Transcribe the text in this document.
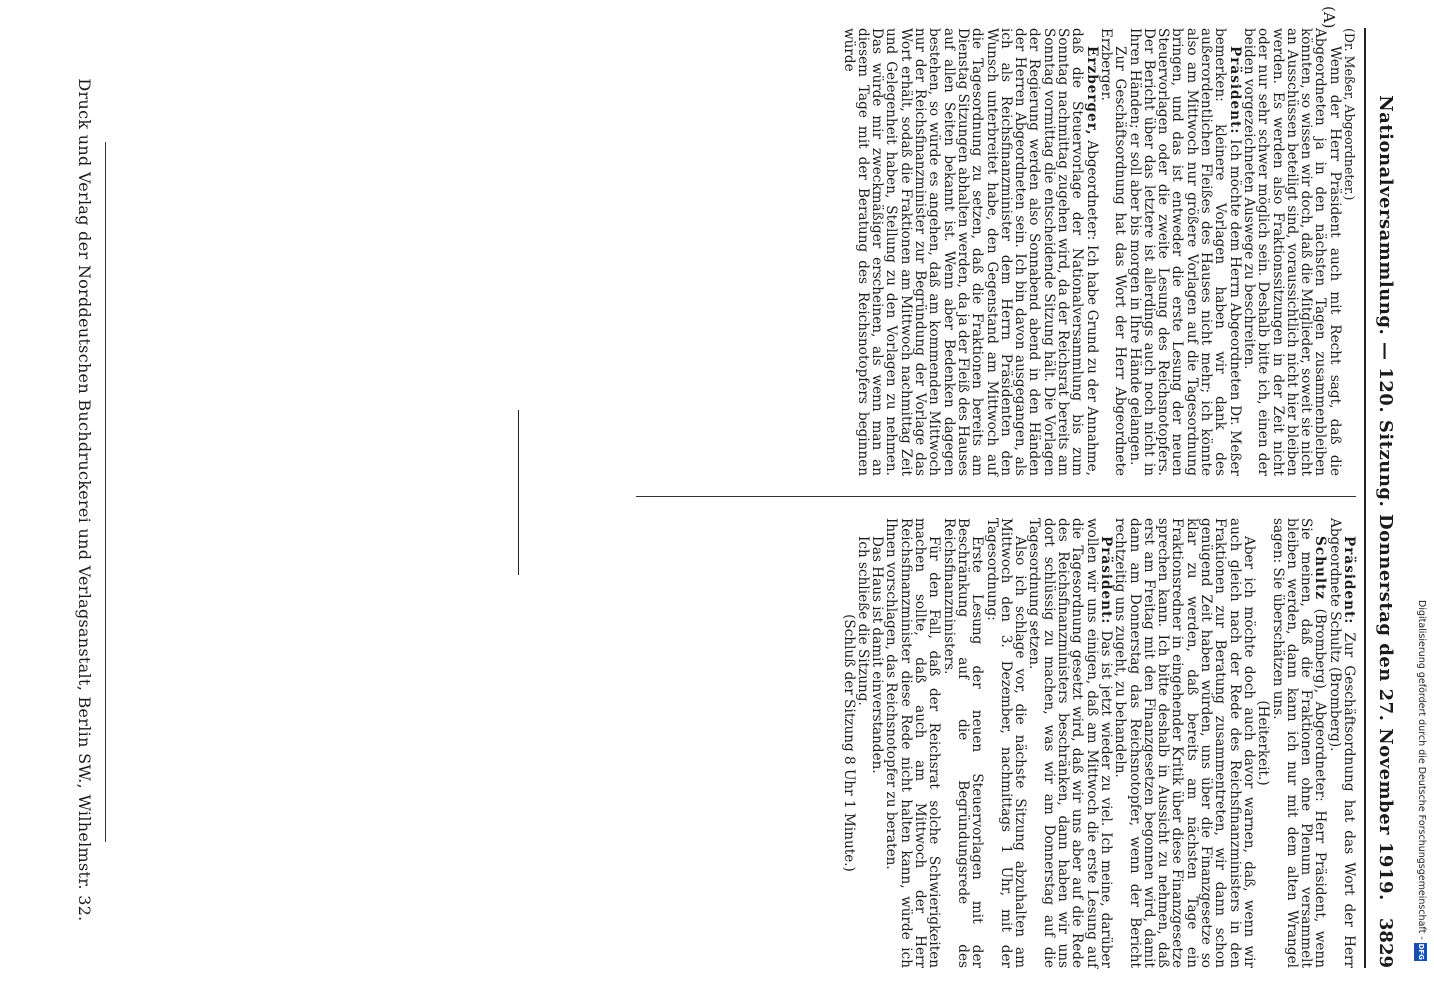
Nationalversammlung. — 120. Sitzung. Donnerstag den 27. November 1919.
3829
(A)

(Dr. Meßer, Abgeordneter.)

Wenn der Herr Präsident auch mit Recht sagt, daß die Abgeordneten ja in den nächsten Tagen zusammenbleiben könnten, so wissen wir doch, daß die Mitglieder, soweit sie nicht an Ausschüssen beteiligt sind, voraussichtlich nicht hier bleiben werden. Es werden also Fraktionssitzungen in der Zeit nicht oder nur sehr schwer möglich sein. Deshalb bitte ich, einen der beiden vorgezeichneten Auswege zu beschreiten.

Präsident: Ich möchte dem Herrn Abgeordneten Dr. Meßer bemerken: kleinere Vorlagen haben wir dank des außerordentlichen Fleißes des Hauses nicht mehr; ich könnte also am Mittwoch nur größere Vorlagen auf die Tagesordnung bringen, und das ist entweder die erste Lesung der neuen Steuervorlagen oder die zweite Lesung des Reichsnotopfers. Der Bericht über das letztere ist allerdings auch noch nicht in Ihren Händen; er soll aber bis morgen in Ihre Hände gelangen.

Zur Geschäftsordnung hat das Wort der Herr Abgeordnete Erzberger.

Erzberger, Abgeordneter: Ich habe Grund zu der Annahme, daß die Steuervorlage der Nationalversammlung bis zum Sonntag nachmittag zugehen wird, da der Reichsrat bereits am Sonntag vormittag die entscheidende Sitzung hält. Die Vorlagen der Regierung werden also Sonnabend abend in den Händen der Herren Abgeordneten sein. Ich bin davon ausgegangen, als ich als Reichsfinanzminister dem Herrn Präsidenten den Wunsch unterbreitet habe, den Gegenstand am Mittwoch auf die Tagesordnung zu setzen, daß die Fraktionen bereits am Dienstag Sitzungen abhalten werden, da ja der Fleiß des Hauses auf allen Seiten bekannt ist. Wenn aber Bedenken dagegen bestehen, so würde es angehen, daß am kommenden Mittwoch nur der Reichsfinanzminister zur Begründung der Vorlage das Wort erhält, sodaß die Fraktionen am Mittwoch nachmittag Zeit und Gelegenheit haben, Stellung zu den Vorlagen zu nehmen. Das würde mir zweckmäßiger erscheinen, als wenn man an diesem Tage mit der Beratung des Reichsnotopfers beginnen würde

Präsident: Zur Geschäftsordnung hat das Wort der Herr Abgeordnete Schultz (Bromberg).

Schultz (Bromberg), Abgeordneter: Herr Präsident, wenn Sie meinen, daß die Fraktionen ohne Plenum versammelt bleiben werden, dann kann ich nur mit dem alten Wrangel sagen: Sie überschätzen uns.

(Heiterkeit.)

Aber ich möchte doch auch davor warnen, daß, wenn wir auch gleich nach der Rede des Reichsfinanzministers in den Fraktionen zur Beratung zusammentreten, wir dann schon genügend Zeit haben würden, uns über die Finanzgesetze so klar zu werden, daß bereits am nächsten Tage ein Fraktionsredner in eingehender Kritik über diese Finanzgesetze sprechen kann. Ich bitte deshalb in Aussicht zu nehmen, daß erst am Freitag mit den Finanzgesetzen begonnen wird, damit dann am Donnerstag das Reichsnotopfer, wenn der Bericht rechtzeitig uns zugeht, zu behandeln.

Präsident: Das ist jetzt wieder zu viel. Ich meine, darüber wollen wir uns einigen, daß am Mittwoch die erste Lesung auf die Tagesordnung gesetzt wird, daß wir uns aber auf die Rede des Reichsfinanzministers beschränken, dann haben wir uns dort schlüssig zu machen, was wir am Donnerstag auf die Tagesordnung setzen.

Also ich schlage vor, die nächste Sitzung abzuhalten am Mittwoch den 3. Dezember, nachmittags 1 Uhr, mit der Tagesordnung:

Erste Lesung der neuen Steuervorlagen mit der Beschränkung auf die Begründungsrede des Reichsfinanzministers.

Für den Fall, daß der Reichsrat solche Schwierigkeiten machen sollte, daß auch am Mittwoch der Herr Reichsfinanzminister diese Rede nicht halten kann, würde ich Ihnen vorschlagen, das Reichsnotopfer zu beraten.

Das Haus ist damit einverstanden.

Ich schließe die Sitzung.

(Schluß der Sitzung 8 Uhr 1 Minute.)

Druck und Verlag der Norddeutschen Buchdruckerei und Verlagsanstalt, Berlin SW., Wilhelmstr. 32.	Digitalisierung gefördert durch die Deutsche Forschungsgemeinschaft -
DFG
